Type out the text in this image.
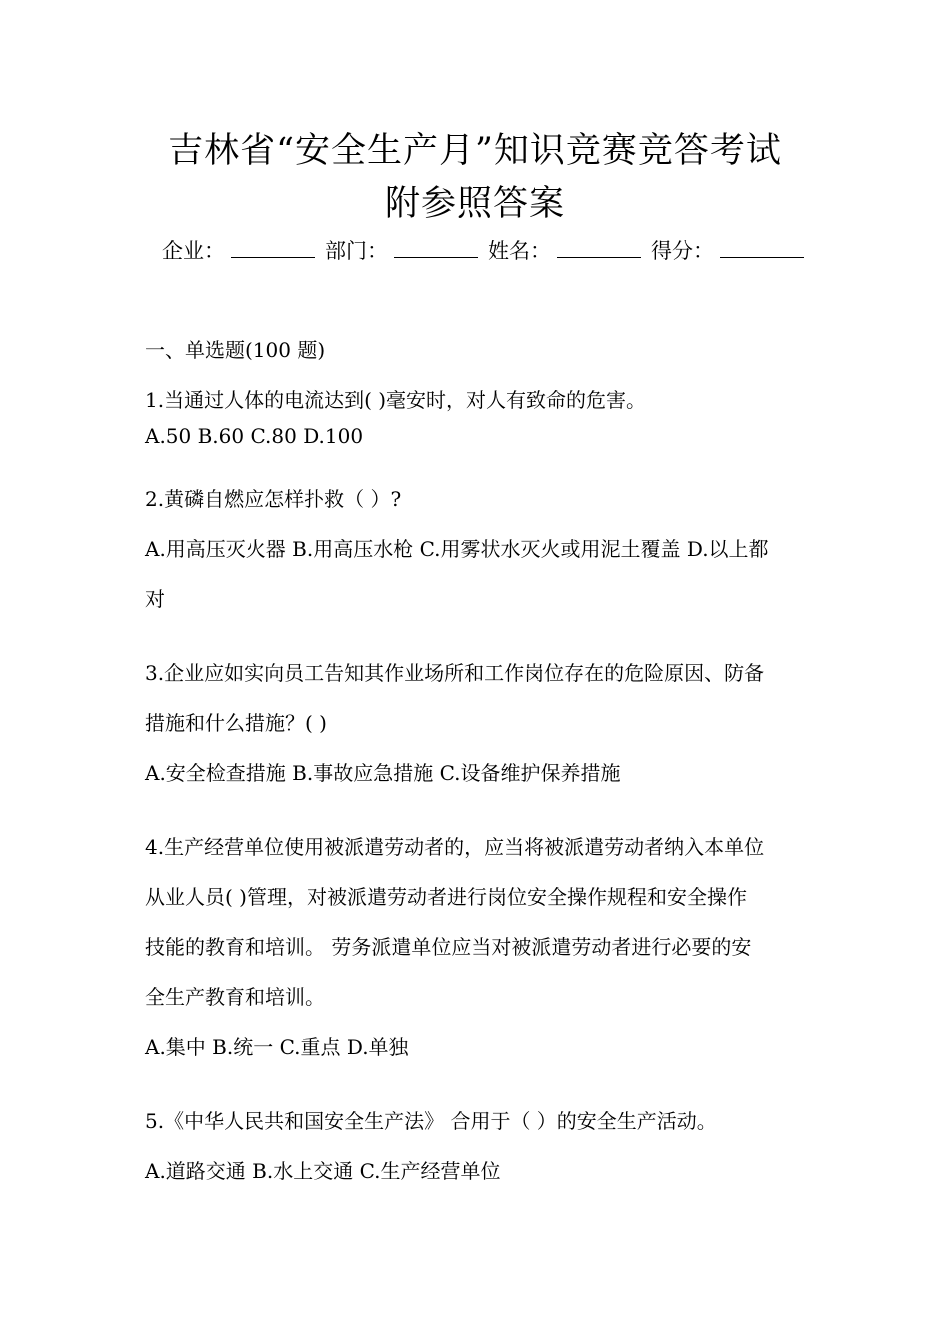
吉林省“安全生产月”知识竞赛竞答考试
附参照答案
企业：	部门：	姓名：	得分：
一、单选题(100 题)
1.当通过人体的电流达到( )毫安时，对人有致命的危害。
A.50 B.60 C.80 D.100
2.黄磷自燃应怎样扑救（ ）?
A.用高压灭火器 B.用高压水枪 C.用雾状水灭火或用泥土覆盖 D.以上都
对
3.企业应如实向员工告知其作业场所和工作岗位存在的危险原因、防备
措施和什么措施？( )
A.安全检查措施 B.事故应急措施 C.设备维护保养措施
4.生产经营单位使用被派遣劳动者的，应当将被派遣劳动者纳入本单位
从业人员( )管理，对被派遣劳动者进行岗位安全操作规程和安全操作
技能的教育和培训。 劳务派遣单位应当对被派遣劳动者进行必要的安
全生产教育和培训。
A.集中 B.统一 C.重点 D.单独
5.《中华人民共和国安全生产法》 合用于（ ）的安全生产活动。
A.道路交通 B.水上交通 C.生产经营单位
